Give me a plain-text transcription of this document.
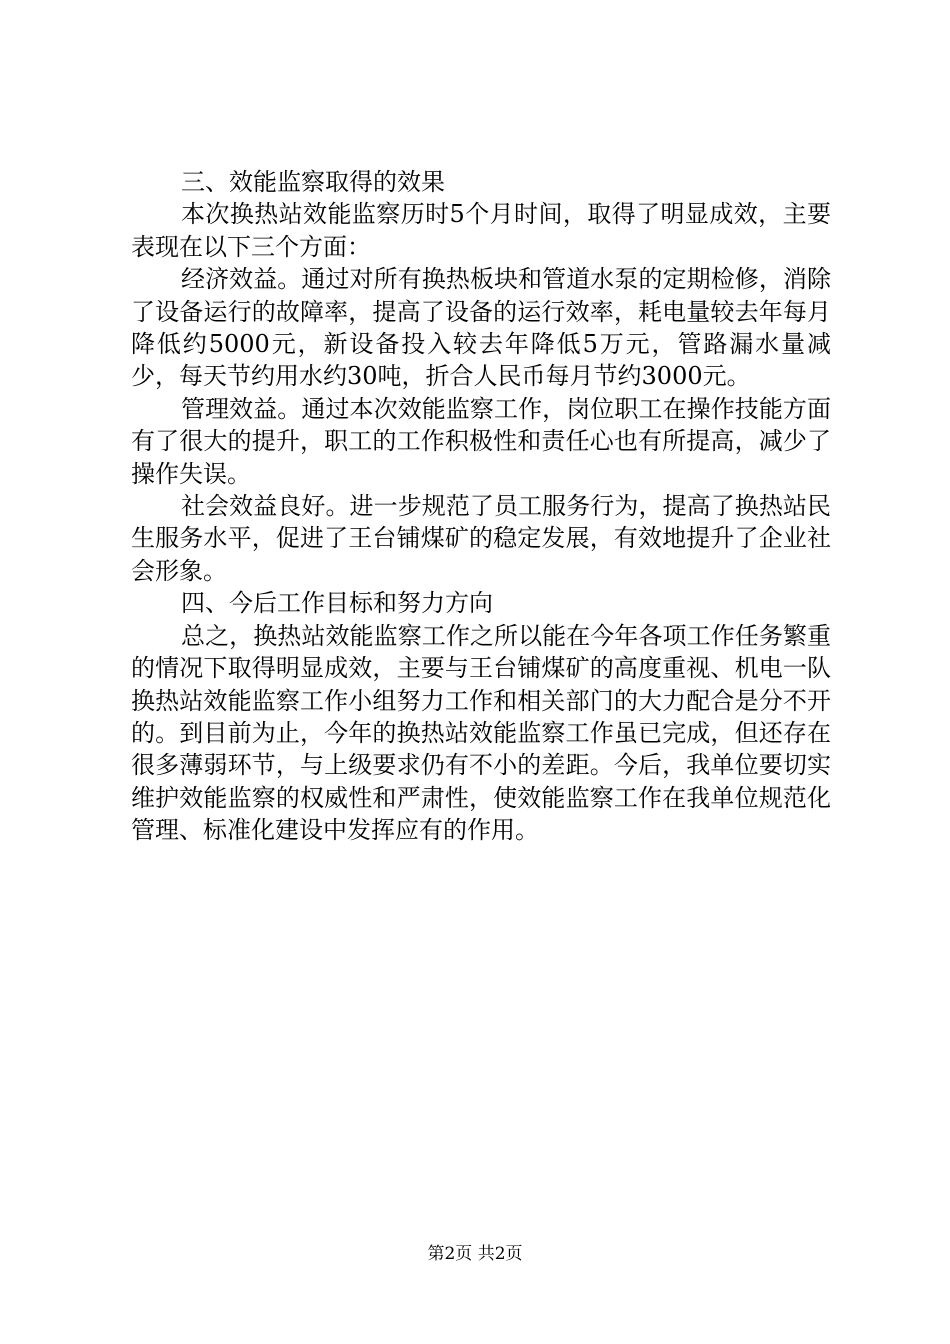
三、效能监察取得的效果

本次换热站效能监察历时5个月时间，取得了明显成效，主要表现在以下三个方面：

经济效益。通过对所有换热板块和管道水泵的定期检修，消除了设备运行的故障率，提高了设备的运行效率，耗电量较去年每月降低约5000元，新设备投入较去年降低5万元，管路漏水量减少，每天节约用水约30吨，折合人民币每月节约3000元。

管理效益。通过本次效能监察工作，岗位职工在操作技能方面有了很大的提升，职工的工作积极性和责任心也有所提高，减少了操作失误。

社会效益良好。进一步规范了员工服务行为，提高了换热站民生服务水平，促进了王台铺煤矿的稳定发展，有效地提升了企业社会形象。

四、今后工作目标和努力方向

总之，换热站效能监察工作之所以能在今年各项工作任务繁重的情况下取得明显成效，主要与王台铺煤矿的高度重视、机电一队换热站效能监察工作小组努力工作和相关部门的大力配合是分不开的。到目前为止，今年的换热站效能监察工作虽已完成，但还存在很多薄弱环节，与上级要求仍有不小的差距。今后，我单位要切实维护效能监察的权威性和严肃性，使效能监察工作在我单位规范化管理、标准化建设中发挥应有的作用。

第2页 共2页
